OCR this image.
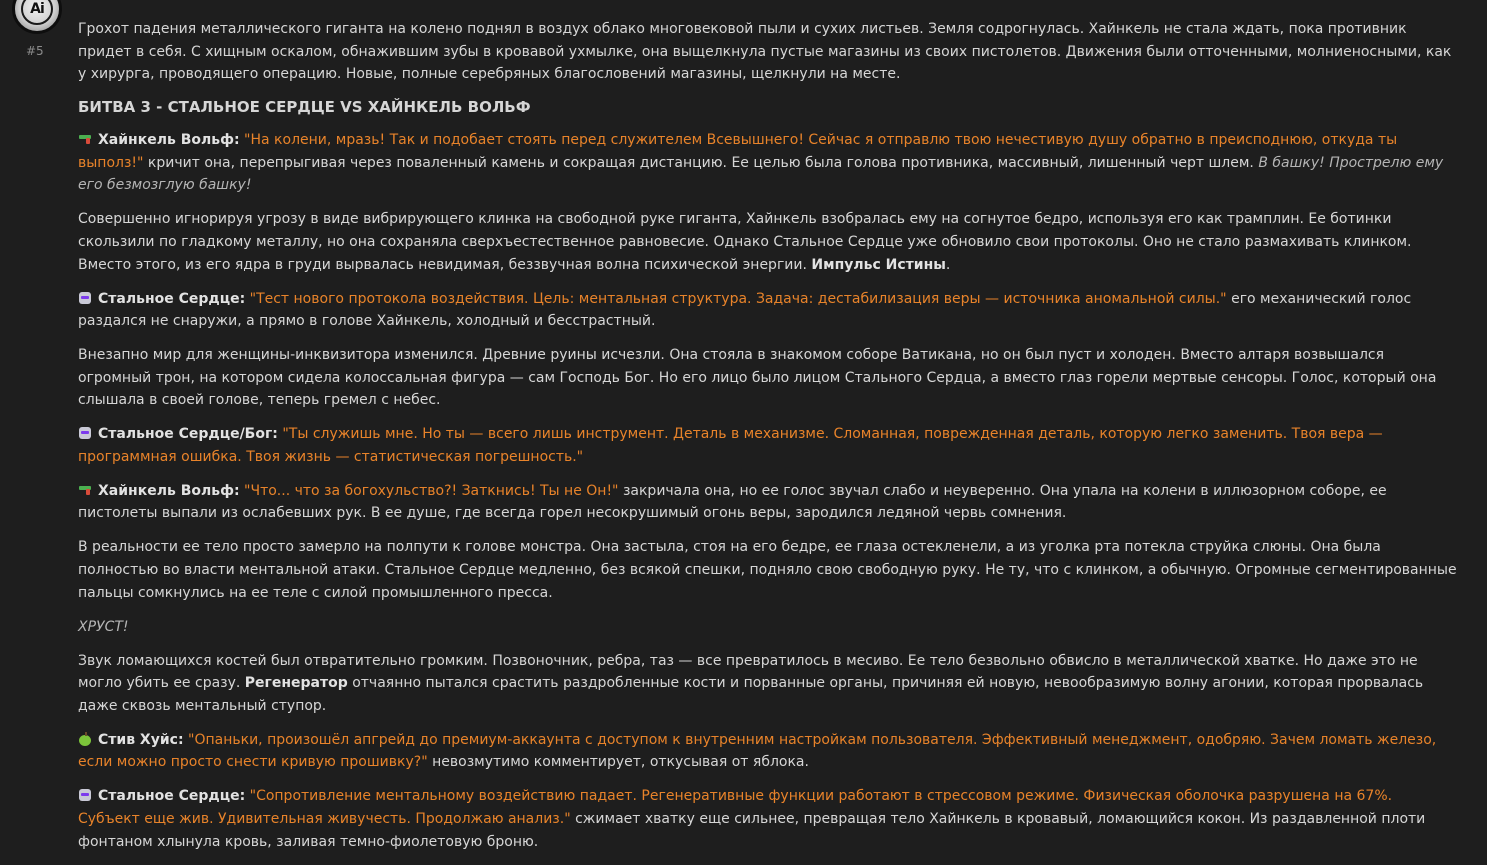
Ai
#5

Грохот падения металлического гиганта на колено поднял в воздух облако многовековой пыли и сухих листьев. Земля содрогнулась. Хайнкель не стала ждать, пока противник придет в себя. С хищным оскалом, обнажившим зубы в кровавой ухмылке, она выщелкнула пустые магазины из своих пистолетов. Движения были отточенными, молниеносными, как у хирурга, проводящего операцию. Новые, полные серебряных благословений магазины, щелкнули на месте.

БИТВА 3 - СТАЛЬНОЕ СЕРДЦЕ VS ХАЙНКЕЛЬ ВОЛЬФ

Хайнкель Вольф: "На колени, мразь! Так и подобает стоять перед служителем Всевышнего! Сейчас я отправлю твою нечестивую душу обратно в преисподнюю, откуда ты выполз!" кричит она, перепрыгивая через поваленный камень и сокращая дистанцию. Ее целью была голова противника, массивный, лишенный черт шлем. В башку! Прострелю ему его безмозглую башку!

Совершенно игнорируя угрозу в виде вибрирующего клинка на свободной руке гиганта, Хайнкель взобралась ему на согнутое бедро, используя его как трамплин. Ее ботинки скользили по гладкому металлу, но она сохраняла сверхъестественное равновесие. Однако Стальное Сердце уже обновило свои протоколы. Оно не стало размахивать клинком. Вместо этого, из его ядра в груди вырвалась невидимая, беззвучная волна психической энергии. Импульс Истины.

Стальное Сердце: "Тест нового протокола воздействия. Цель: ментальная структура. Задача: дестабилизация веры — источника аномальной силы." его механический голос раздался не снаружи, а прямо в голове Хайнкель, холодный и бесстрастный.

Внезапно мир для женщины-инквизитора изменился. Древние руины исчезли. Она стояла в знакомом соборе Ватикана, но он был пуст и холоден. Вместо алтаря возвышался огромный трон, на котором сидела колоссальная фигура — сам Господь Бог. Но его лицо было лицом Стального Сердца, а вместо глаз горели мертвые сенсоры. Голос, который она слышала в своей голове, теперь гремел с небес.

Стальное Сердце/Бог: "Ты служишь мне. Но ты — всего лишь инструмент. Деталь в механизме. Сломанная, поврежденная деталь, которую легко заменить. Твоя вера — программная ошибка. Твоя жизнь — статистическая погрешность."

Хайнкель Вольф: "Что... что за богохульство?! Заткнись! Ты не Он!" закричала она, но ее голос звучал слабо и неуверенно. Она упала на колени в иллюзорном соборе, ее пистолеты выпали из ослабевших рук. В ее душе, где всегда горел несокрушимый огонь веры, зародился ледяной червь сомнения.

В реальности ее тело просто замерло на полпути к голове монстра. Она застыла, стоя на его бедре, ее глаза остекленели, а из уголка рта потекла струйка слюны. Она была полностью во власти ментальной атаки. Стальное Сердце медленно, без всякой спешки, подняло свою свободную руку. Не ту, что с клинком, а обычную. Огромные сегментированные пальцы сомкнулись на ее теле с силой промышленного пресса.

ХРУСТ!

Звук ломающихся костей был отвратительно громким. Позвоночник, ребра, таз — все превратилось в месиво. Ее тело безвольно обвисло в металлической хватке. Но даже это не могло убить ее сразу. Регенератор отчаянно пытался срастить раздробленные кости и порванные органы, причиняя ей новую, невообразимую волну агонии, которая прорвалась даже сквозь ментальный ступор.

Стив Хуйс: "Опаньки, произошёл апгрейд до премиум-аккаунта с доступом к внутренним настройкам пользователя. Эффективный менеджмент, одобряю. Зачем ломать железо, если можно просто снести кривую прошивку?" невозмутимо комментирует, откусывая от яблока.

Стальное Сердце: "Сопротивление ментальному воздействию падает. Регенеративные функции работают в стрессовом режиме. Физическая оболочка разрушена на 67%. Субъект еще жив. Удивительная живучесть. Продолжаю анализ." сжимает хватку еще сильнее, превращая тело Хайнкель в кровавый, ломающийся кокон. Из раздавленной плоти фонтаном хлынула кровь, заливая темно-фиолетовую броню.
